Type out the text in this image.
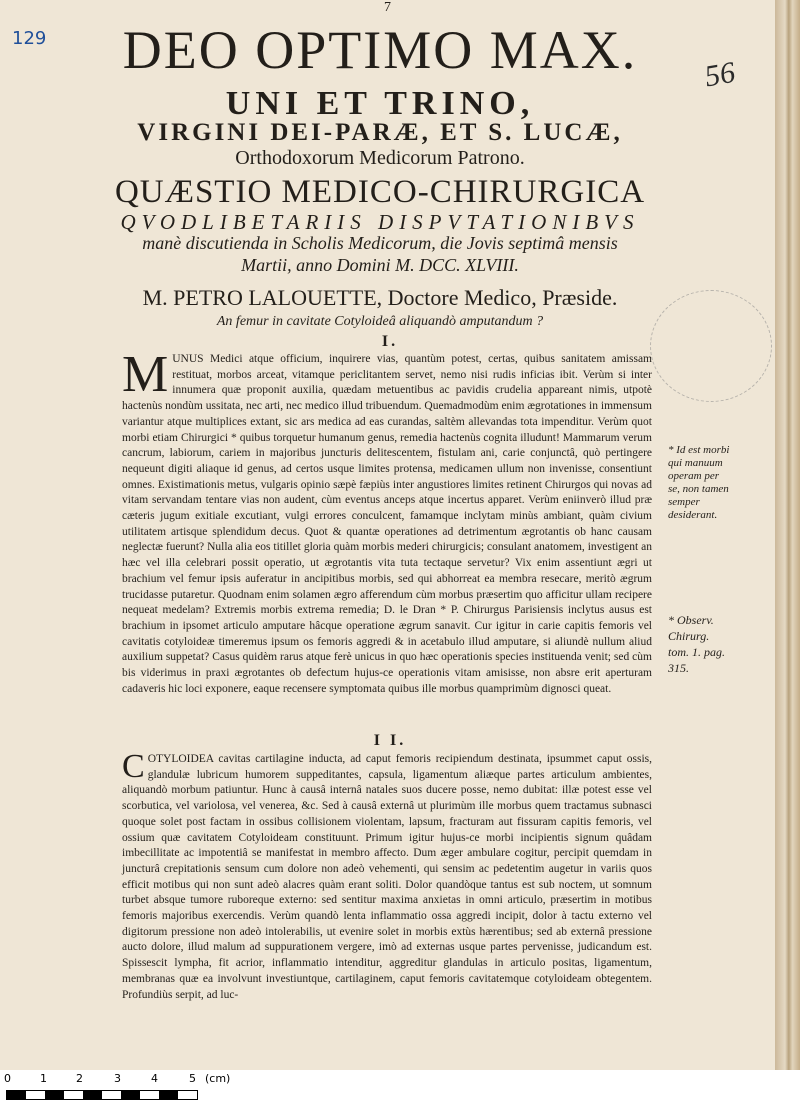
7
129
56
DEO OPTIMO MAX.
UNI ET TRINO,
VIRGINI DEI-PARÆ, ET S. LUCÆ,
Orthodoxorum Medicorum Patrono.
QUÆSTIO MEDICO-CHIRURGICA
QVODLIBETARIIS DISPVTATIONIBVS
manè discutienda in Scholis Medicorum, die Jovis septimâ mensis
Martii, anno Domini M. DCC. XLVIII.
M. PETRO LALOUETTE, Doctore Medico, Præside.
An femur in cavitate Cotyloideâ aliquandò amputandum ?
I.
MUNUS Medici atque officium, inquirere vias, quantùm potest, certas, quibus sanitatem amissam restituat, morbos arceat, vitamque periclitantem servet, nemo nisi rudis inficias ibit. Verùm si inter innumera quæ proponit auxilia, quædam metuentibus ac pavidis crudelia appareant nimis, utpotè hactenùs nondùm ussitata, nec arti, nec medico illud tribuendum. Quemadmodùm enim ægrotationes in immensum variantur atque multiplices extant, sic ars medica ad eas curandas, saltèm allevandas tota impenditur. Verùm quot morbi etiam Chirurgici * quibus torquetur humanum genus, remedia hactenùs cognita illudunt! Mammarum verum cancrum, labiorum, cariem in majoribus juncturis delitescentem, fistulam ani, carie conjunctâ, quò pertingere nequeunt digiti aliaque id genus, ad certos usque limites protensa, medicamen ullum non invenisse, consentiunt omnes. Existimationis metus, vulgaris opinio sæpè fæpiùs inter angustiores limites retinent Chirurgos qui novas ad vitam servandam tentare vias non audent, cùm eventus anceps atque incertus apparet. Verùm eniinverò illud præ cæteris jugum exitiale excutiant, vulgi errores conculcent, famamque inclytam minùs ambiant, quàm civium utilitatem artisque splendidum decus. Quot & quantæ operationes ad detrimentum ægrotantis ob hanc causam neglectæ fuerunt? Nulla alia eos titillet gloria quàm morbis mederi chirurgicis; consulant anatomem, investigent an hæc vel illa celebrari possit operatio, ut ægrotantis vita tuta tectaque servetur? Vix enim assentiunt ægri ut brachium vel femur ipsis auferatur in ancipitibus morbis, sed qui abhorreat ea membra resecare, meritò ægrum trucidasse putaretur. Quodnam enim solamen ægro afferendum cùm morbus præsertim quo afficitur ullam recipere nequeat medelam? Extremis morbis extrema remedia; D. le Dran * P. Chirurgus Parisiensis inclytus ausus est brachium in ipsomet articulo amputare hâcque operatione ægrum sanavit. Cur igitur in carie capitis femoris vel cavitatis cotyloideæ timeremus ipsum os femoris aggredi & in acetabulo illud amputare, si aliundè nullum aliud auxilium suppetat? Casus quidèm rarus atque ferè unicus in quo hæc operationis species instituenda venit; sed cùm bis viderimus in praxi ægrotantes ob defectum hujus-ce operationis vitam amisisse, non absre erit aperturam cadaveris hic loci exponere, eaque recensere symptomata quibus ille morbus quamprimùm dignosci queat.
* Id est morbi qui manuum operam per se, non tamen semper desiderant.
* Observ. Chirurg. tom. 1. pag. 315.
I I.
COTYLOIDEA cavitas cartilagine inducta, ad caput femoris recipiendum destinata, ipsummet caput ossis, glandulæ lubricum humorem suppeditantes, capsula, ligamentum aliæque partes articulum ambientes, aliquandò morbum patiuntur. Hunc à causâ internâ natales suos ducere posse, nemo dubitat: illæ potest esse vel scorbutica, vel variolosa, vel venerea, &c. Sed à causâ externâ ut plurimùm ille morbus quem tractamus subnasci quoque solet post factam in ossibus collisionem violentam, lapsum, fracturam aut fissuram capitis femoris, vel ossium quæ cavitatem Cotyloideam constituunt. Primum igitur hujus-ce morbi incipientis signum quâdam imbecillitate ac impotentiâ se manifestat in membro affecto. Dum æger ambulare cogitur, percipit quemdam in juncturâ crepitationis sensum cum dolore non adeò vehementi, qui sensim ac pedetentim augetur in variis quos efficit motibus qui non sunt adeò alacres quàm erant soliti. Dolor quandòque tantus est sub noctem, ut somnum turbet absque tumore ruboreque externo: sed sentitur maxima anxietas in omni articulo, præsertim in motibus femoris majoribus exercendis. Verùm quandò lenta inflammatio ossa aggredi incipit, dolor à tactu externo vel digitorum pressione non adeò intolerabilis, ut evenire solet in morbis extùs hærentibus; sed ab externâ pressione aucto dolore, illud malum ad suppurationem vergere, imò ad externas usque partes pervenisse, judicandum est. Spissescit lympha, fit acrior, inflammatio intenditur, aggreditur glandulas in articulo positas, ligamentum, membranas quæ ea involvunt investiuntque, cartilaginem, caput femoris cavitatemque cotyloideam obtegentem. Profundiùs serpit, ad luc-
0	1	2	3	4	5 (cm)
